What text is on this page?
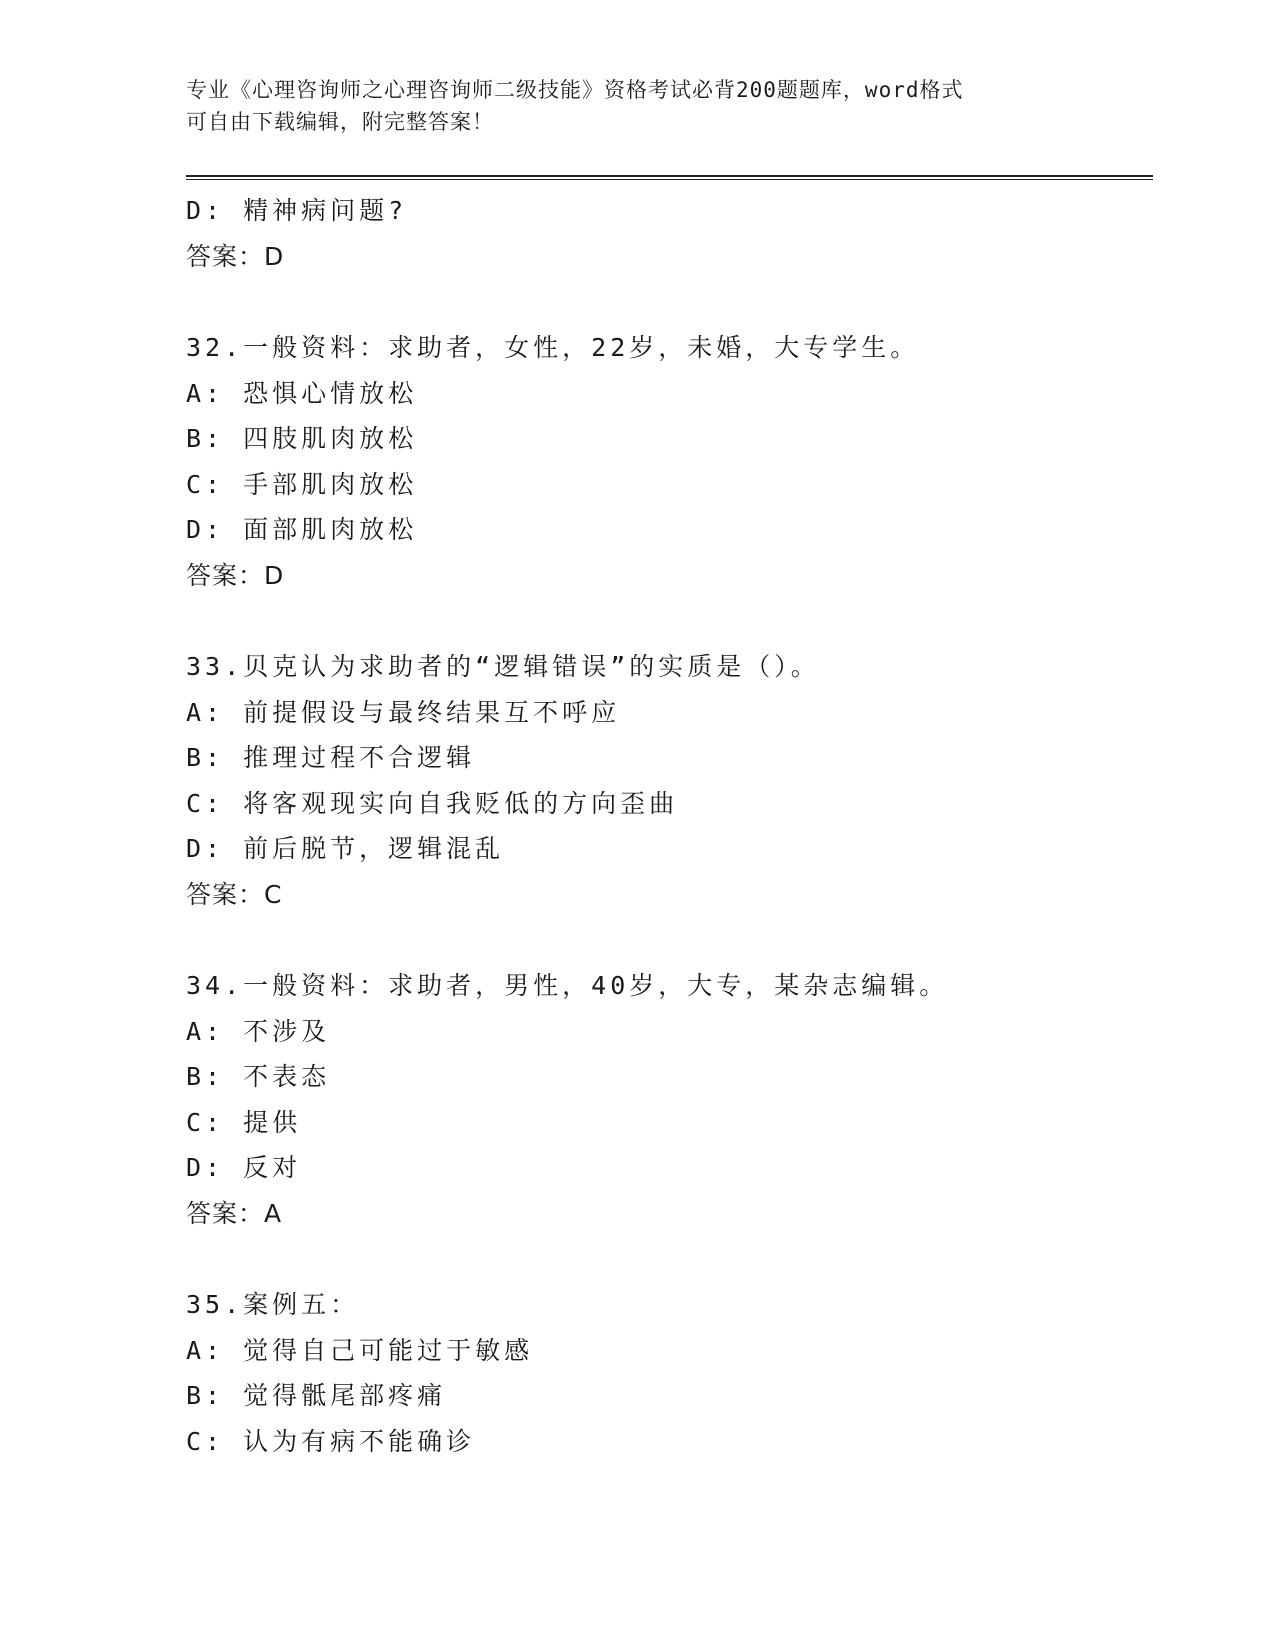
专业《心理咨询师之心理咨询师二级技能》资格考试必背200题题库，word格式
可自由下载编辑，附完整答案！
D: 精神病问题?
答案：D
32.一般资料：求助者，女性，22岁，未婚，大专学生。
A: 恐惧心情放松
B: 四肢肌肉放松
C: 手部肌肉放松
D: 面部肌肉放松
答案：D
33.贝克认为求助者的“逻辑错误”的实质是（）。
A: 前提假设与最终结果互不呼应
B: 推理过程不合逻辑
C: 将客观现实向自我贬低的方向歪曲
D: 前后脱节，逻辑混乱
答案：C
34.一般资料：求助者，男性，40岁，大专，某杂志编辑。
A: 不涉及
B: 不表态
C: 提供
D: 反对
答案：A
35.案例五：
A: 觉得自己可能过于敏感
B: 觉得骶尾部疼痛
C: 认为有病不能确诊
